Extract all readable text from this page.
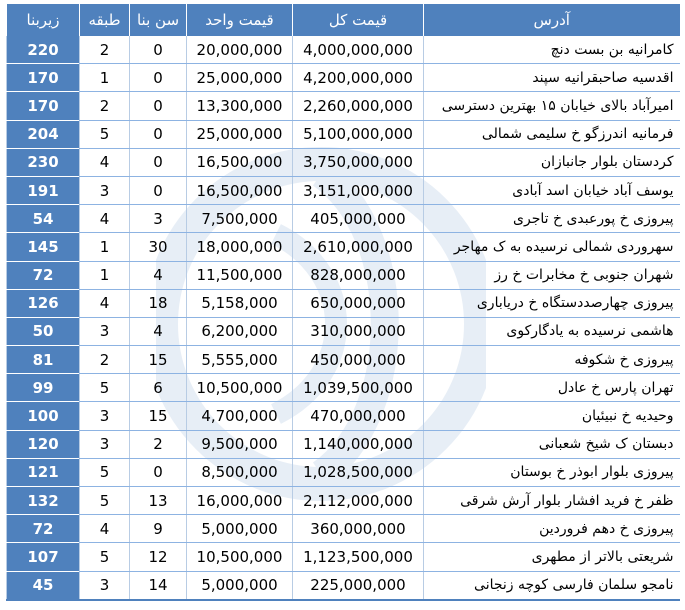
آدرس	قیمت کل	قیمت واحد	سن بنا	طبقه	زیربنا
کامرانیه بن بست دنچ	4,000,000,000	20,000,000	0	2	220
اقدسیه صاحبقرانیه سپند	4,200,000,000	25,000,000	0	1	170
امیرآباد بالای خیابان ۱۵ بهترین دسترسی	2,260,000,000	13,300,000	0	2	170
فرمانیه اندرزگو خ سلیمی شمالی	5,100,000,000	25,000,000	0	5	204
کردستان بلوار جانبازان	3,750,000,000	16,500,000	0	4	230
یوسف آباد خیابان اسد آبادی	3,151,000,000	16,500,000	0	3	191
پیروزی خ پورعبدی خ تاجری	405,000,000	7,500,000	3	4	54
سهروردی شمالی نرسیده به ک مهاجر	2,610,000,000	18,000,000	30	1	145
شهران جنوبی خ مخابرات خ رز	828,000,000	11,500,000	4	1	72
پیروزی چهارصددستگاه خ دریاباری	650,000,000	5,158,000	18	4	126
هاشمی نرسیده به یادگارکوی	310,000,000	6,200,000	4	3	50
پیروزی خ شکوفه	450,000,000	5,555,000	15	2	81
تهران پارس خ عادل	1,039,500,000	10,500,000	6	5	99
وحیدیه خ نبیئیان	470,000,000	4,700,000	15	3	100
دبستان ک شیخ شعبانی	1,140,000,000	9,500,000	2	3	120
پیروزی بلوار ابوذر خ بوستان	1,028,500,000	8,500,000	0	5	121
ظفر خ فرید افشار بلوار آرش شرقی	2,112,000,000	16,000,000	13	5	132
پیروزی خ دهم فروردین	360,000,000	5,000,000	9	4	72
شریعتی بالاتر از مطهری	1,123,500,000	10,500,000	12	5	107
نامجو سلمان فارسی کوچه زنجانی	225,000,000	5,000,000	14	3	45
